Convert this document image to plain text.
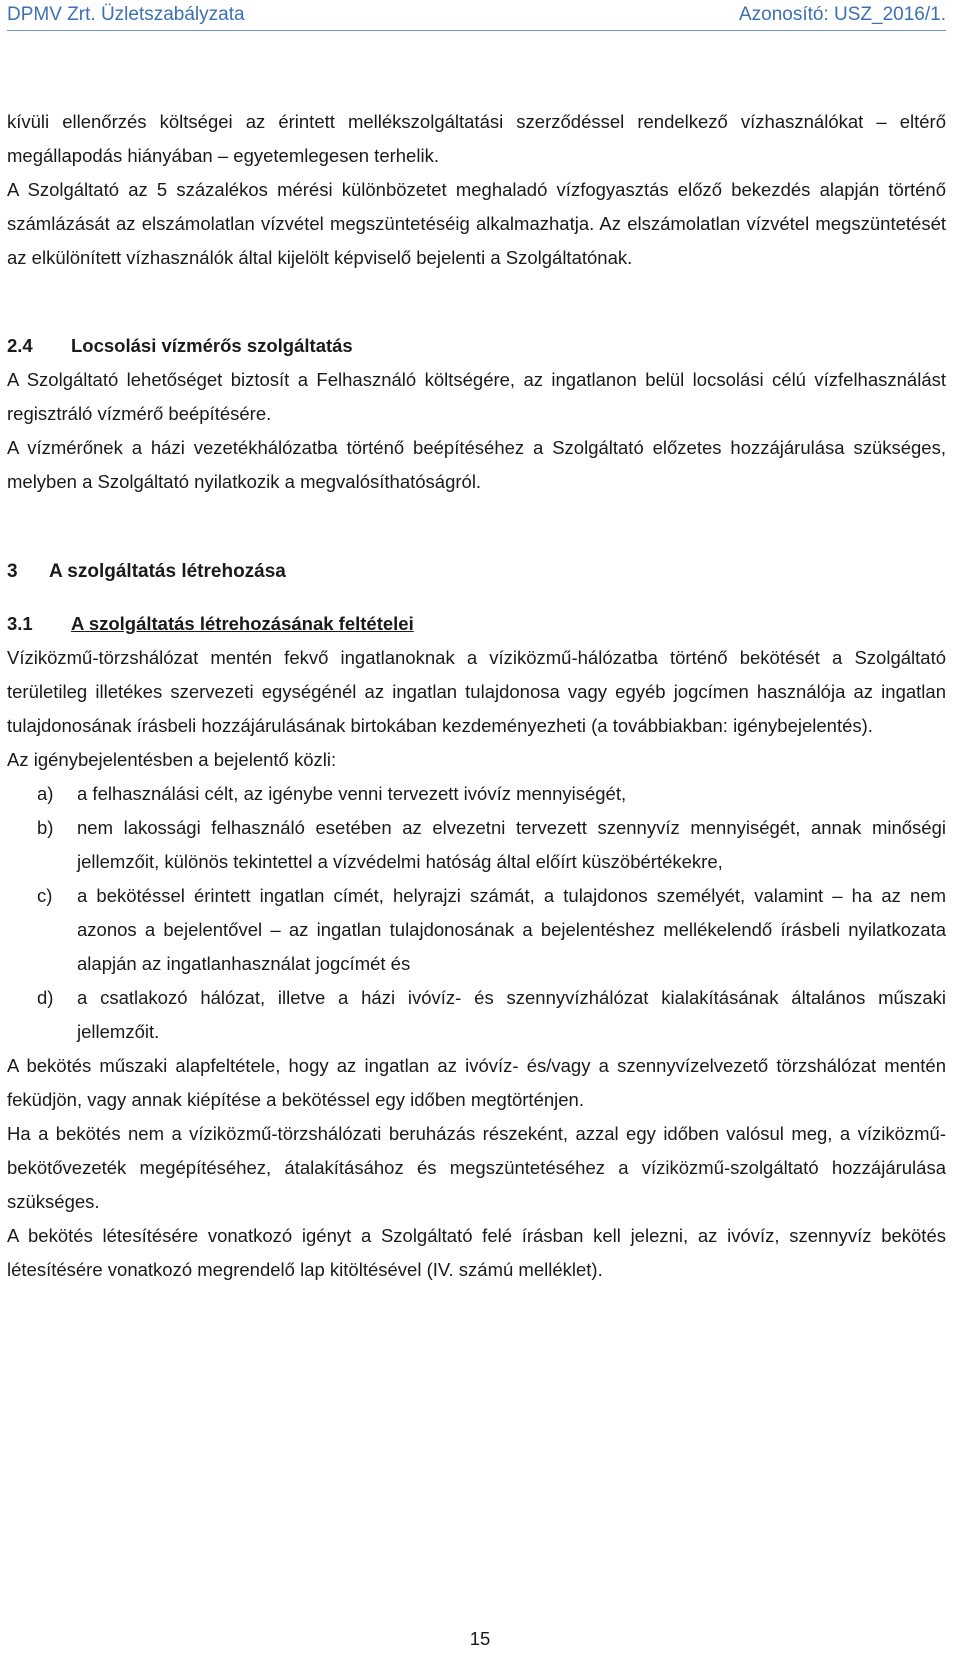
DPMV Zrt. Üzletszabályzata	Azonosító: USZ_2016/1.

kívüli ellenőrzés költségei az érintett mellékszolgáltatási szerződéssel rendelkező vízhasználókat – eltérő megállapodás hiányában – egyetemlegesen terhelik.

A Szolgáltató az 5 százalékos mérési különbözetet meghaladó vízfogyasztás előző bekezdés alapján történő számlázását az elszámolatlan vízvétel megszüntetéséig alkalmazhatja. Az elszámolatlan vízvétel megszüntetését az elkülönített vízhasználók által kijelölt képviselő bejelenti a Szolgáltatónak.

2.4	Locsolási vízmérős szolgáltatás

A Szolgáltató lehetőséget biztosít a Felhasználó költségére, az ingatlanon belül locsolási célú vízfelhasználást regisztráló vízmérő beépítésére.

A vízmérőnek a házi vezetékhálózatba történő beépítéséhez a Szolgáltató előzetes hozzájárulása szükséges, melyben a Szolgáltató nyilatkozik a megvalósíthatóságról.

3	A szolgáltatás létrehozása
3.1	A szolgáltatás létrehozásának feltételei

Víziközmű-törzshálózat mentén fekvő ingatlanoknak a víziközmű-hálózatba történő bekötését a Szolgáltató területileg illetékes szervezeti egységénél az ingatlan tulajdonosa vagy egyéb jogcímen használója az ingatlan tulajdonosának írásbeli hozzájárulásának birtokában kezdeményezheti (a továbbiakban: igénybejelentés).

Az igénybejelentésben a bejelentő közli:

a)	a felhasználási célt, az igénybe venni tervezett ivóvíz mennyiségét,
b)	nem lakossági felhasználó esetében az elvezetni tervezett szennyvíz mennyiségét, annak minőségi jellemzőit, különös tekintettel a vízvédelmi hatóság által előírt küszöbértékekre,
c)	a bekötéssel érintett ingatlan címét, helyrajzi számát, a tulajdonos személyét, valamint – ha az nem azonos a bejelentővel – az ingatlan tulajdonosának a bejelentéshez mellékelendő írásbeli nyilatkozata alapján az ingatlanhasználat jogcímét és
d)	a csatlakozó hálózat, illetve a házi ivóvíz- és szennyvízhálózat kialakításának általános műszaki jellemzőit.

A bekötés műszaki alapfeltétele, hogy az ingatlan az ivóvíz- és/vagy a szennyvízelvezető törzshálózat mentén feküdjön, vagy annak kiépítése a bekötéssel egy időben megtörténjen.

Ha a bekötés nem a víziközmű-törzshálózati beruházás részeként, azzal egy időben valósul meg, a víziközmű-bekötővezeték megépítéséhez, átalakításához és megszüntetéséhez a víziközmű-szolgáltató hozzájárulása szükséges.

A bekötés létesítésére vonatkozó igényt a Szolgáltató felé írásban kell jelezni, az ivóvíz, szennyvíz bekötés létesítésére vonatkozó megrendelő lap kitöltésével (IV. számú melléklet).

15
